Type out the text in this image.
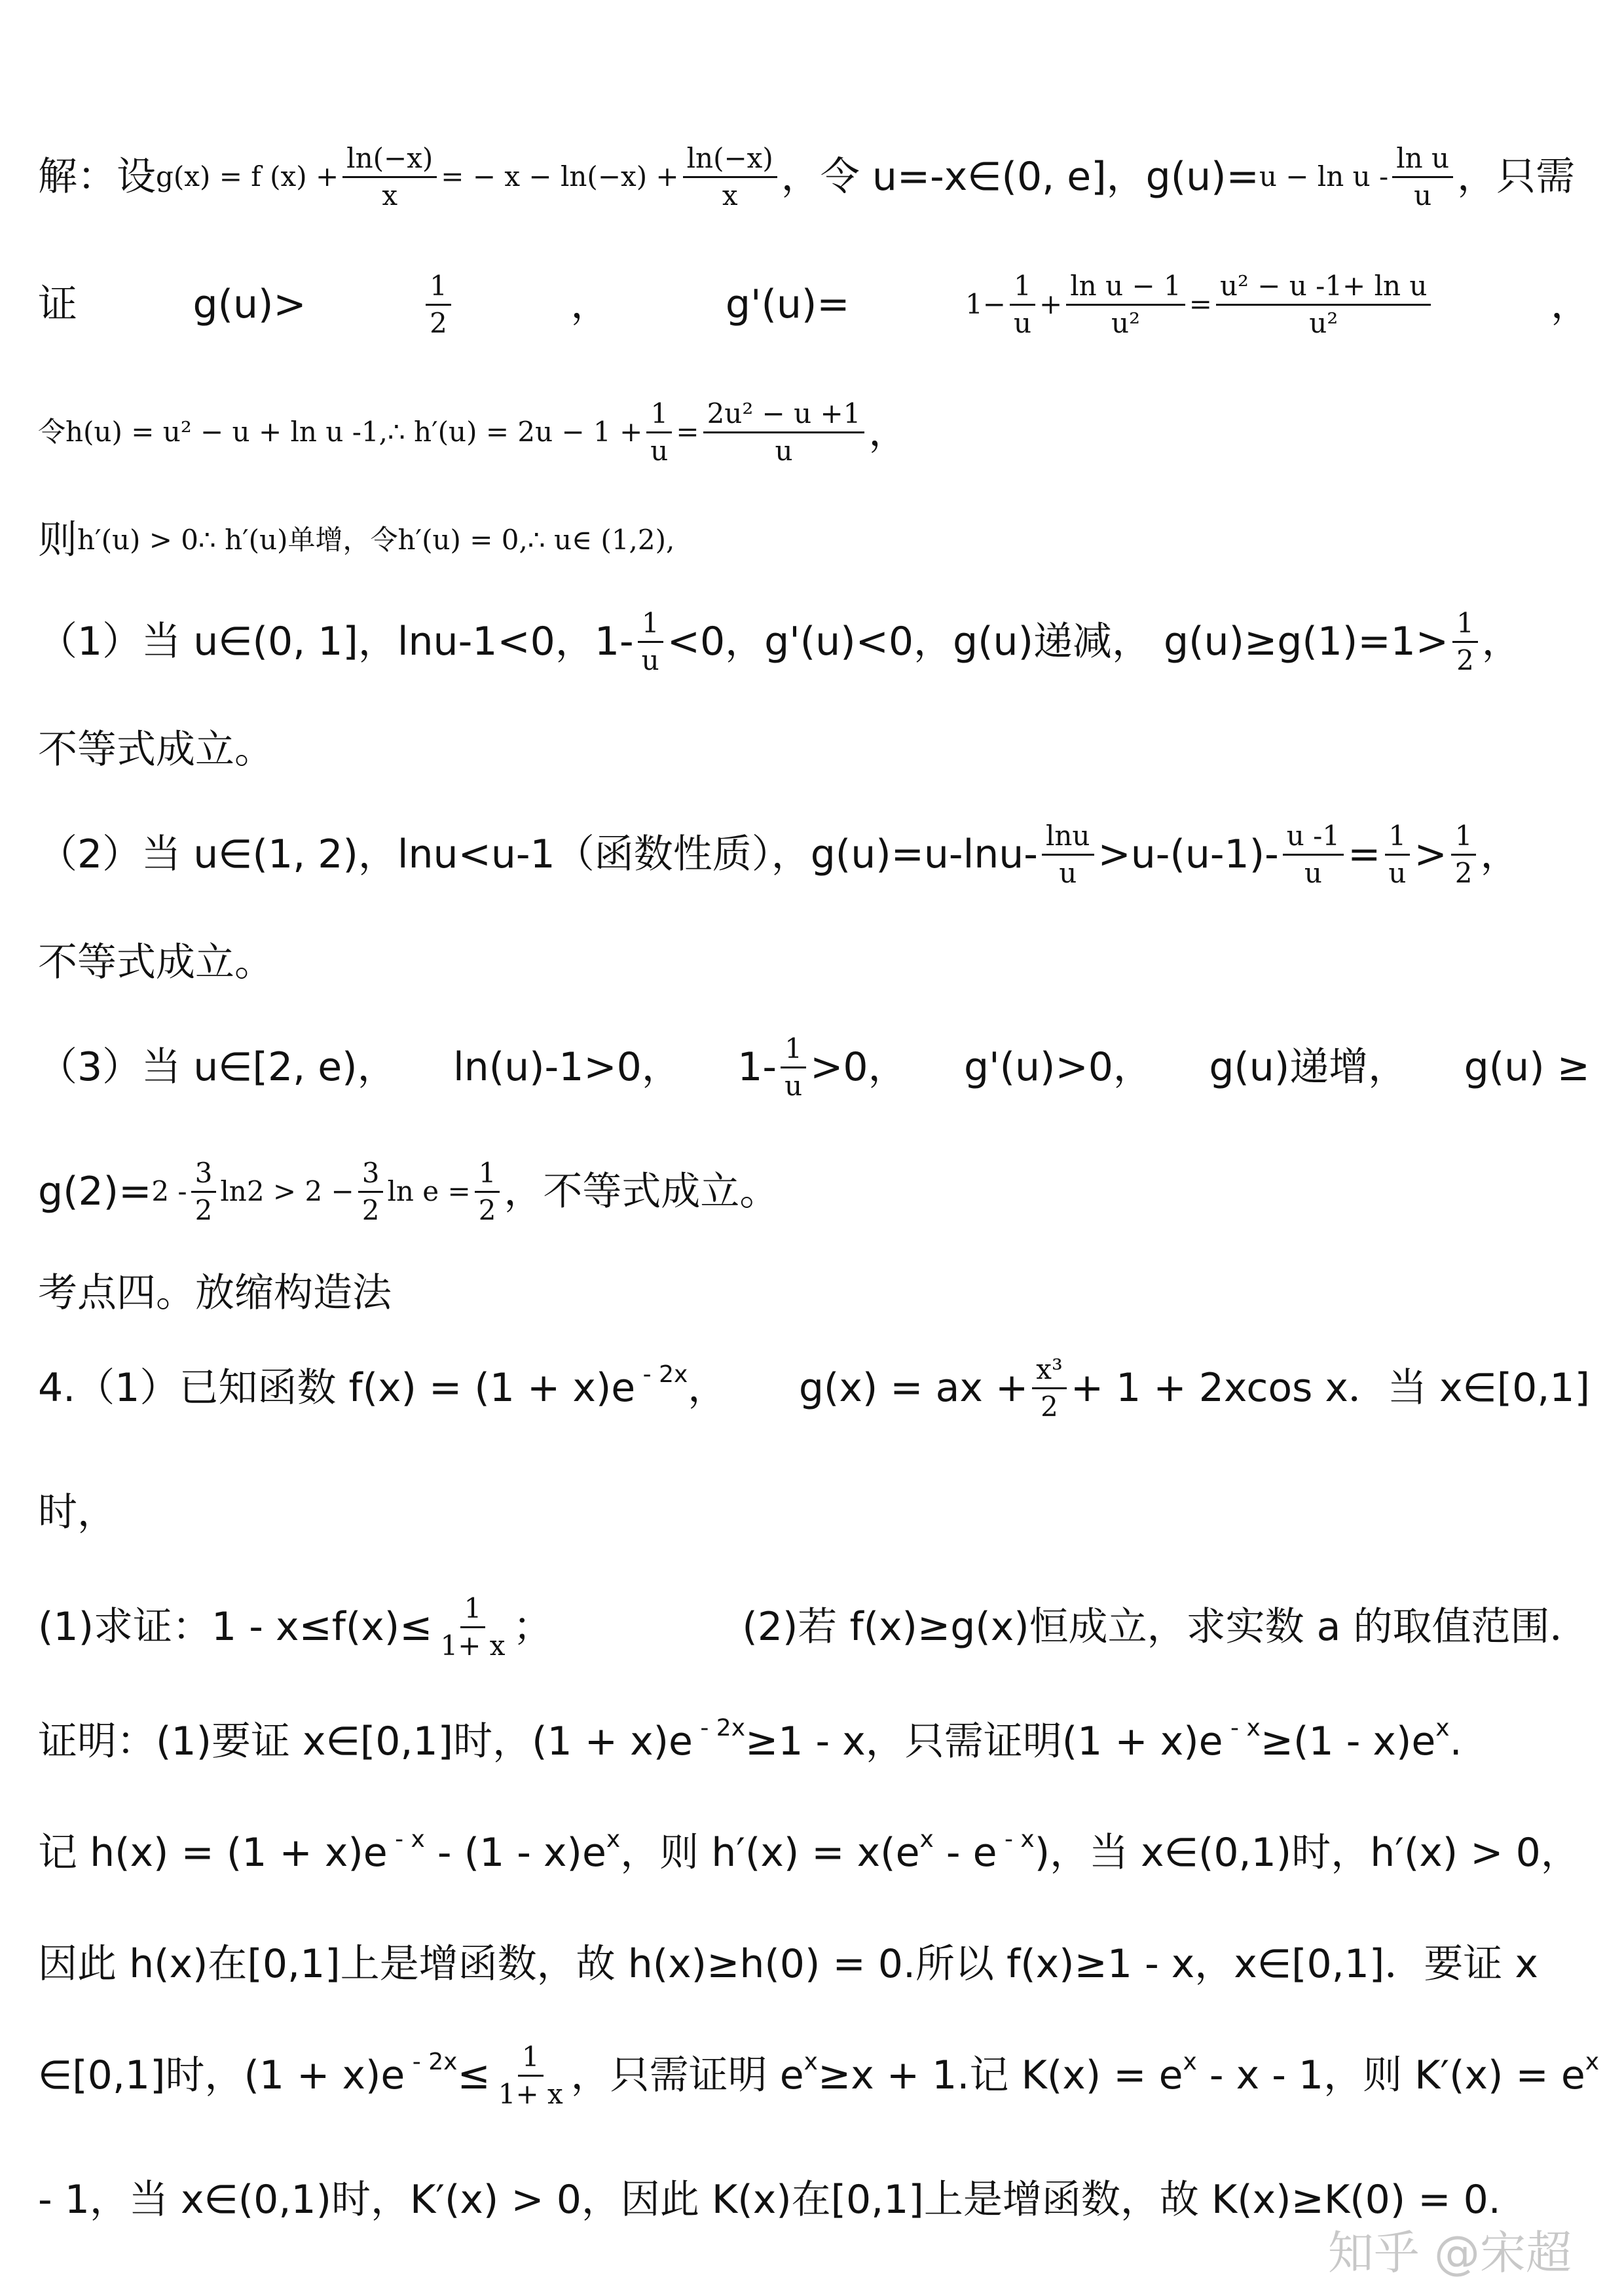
解：设 g(x) = f $(x) + \frac{\ln(-x)}{x}$ = − $x - \ln(-x) + \frac{\ln(-x)}{x}$ ，令 u=-x∈(0, e]，$g(u)= u - \ln u - \frac{\text{ln u}}{u}$ ，只需
证	g(u)>	$\frac{1}{2}$	，	g'(u)=	$1- \frac{1}{u} + \frac{\text{ln u − 1}}{\text{u²}} = \frac{\text{u² − u -1+ ln u}}{\text{u²}}$	，
令h(u) = u² − u + ln u -1,∴ $h'(u) = 2u - 1 + \frac{1}{u} = \frac{\text{2u² − u +1}}{u}$ ，
则 h′(u) > 0∴ h′(u)单增，令h′(u) = 0,∴ u∈ (1,2),
（1）当 u∈(0, 1]，lnu-1<0，$1- \frac{1}{u} <0$，g'(u)<0，g(u)递减， $g(u)\ge g(1)=1> \frac{1}{2}$ ，
不等式成立。
（2）当 u∈(1, 2)，lnu<u-1（函数性质），$g(u)=u-\ln u- \frac{\ln u}{u} >u-(u-1)- \frac{u -1}{u} = \frac{1}{u} > \frac{1}{2}$ ，
不等式成立。
（3）当 u∈[2, e)， ln(u)-1>0， $1- \frac{1}{u} >0$， g'(u)>0， g(u)递增， g(u) ≥
$g(2)= 2 - \frac{3}{2} \ln 2 > 2 - \frac{3}{2}$ $\ln e = \frac{1}{2}$ ，不等式成立。
考点四。放缩构造法
4.（1）已知函数 f(x) = (1 + x)e $^{- 2x}$， g(x) = ax + $\frac{\text{x³}}{2} + 1 + 2xcos$ x．当 x∈[0,1]
时，
(1)求证：$1 - x\le f(x)\le \frac{1}{1+ x}$ ；	(2)若 f(x)≥g(x)恒成立，求实数 a 的取值范围．
证明：(1)要证 x∈[0,1]时，(1 + x)e $^{- 2x}$≥1 - x，只需证明(1 + x)e $^{- x}\ge(1 - x)e^x$.
记 h(x) = (1 + x)e $^{- x} - (1 - x)e^x$，则 $h'(x) = x(e^x - e$ $^{- x}$)，当 x∈(0,1)时，h′(x) > 0，
因此 h(x)在[0,1]上是增函数，故 h(x)≥h(0) = 0.所以 f(x)≥1 - x，x∈[0,1]．要证 x
∈[0,1]时，(1 + x)e $^{- 2x}\le \frac{1}{1+ x}$ ，只需证明 $e^x\ge x + 1$.记 $K(x) = e^x - x - 1$，则 $K'(x) = e^x$
- 1，当 x∈(0,1)时，K′(x) > 0，因此 K(x)在[0,1]上是增函数，故 K(x)≥K(0) = 0.
知乎 @宋超
